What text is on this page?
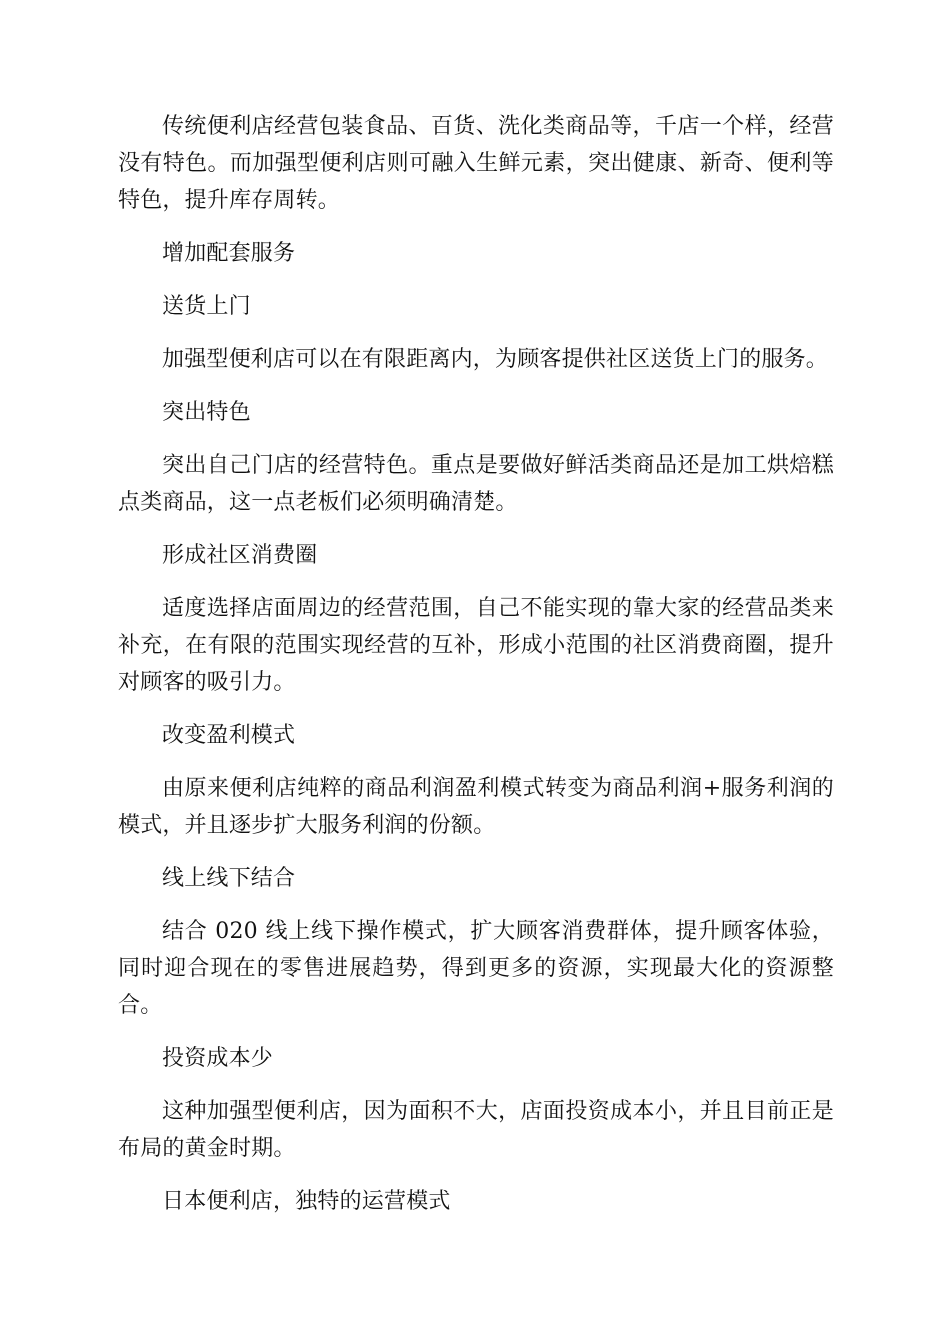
传统便利店经营包装食品、百货、洗化类商品等，千店一个样，经营没有特色。而加强型便利店则可融入生鲜元素，突出健康、新奇、便利等特色，提升库存周转。

增加配套服务

送货上门

加强型便利店可以在有限距离内，为顾客提供社区送货上门的服务。

突出特色

突出自己门店的经营特色。重点是要做好鲜活类商品还是加工烘焙糕点类商品，这一点老板们必须明确清楚。

形成社区消费圈

适度选择店面周边的经营范围，自己不能实现的靠大家的经营品类来补充，在有限的范围实现经营的互补，形成小范围的社区消费商圈，提升对顾客的吸引力。

改变盈利模式

由原来便利店纯粹的商品利润盈利模式转变为商品利润+服务利润的模式，并且逐步扩大服务利润的份额。

线上线下结合

结合 020 线上线下操作模式，扩大顾客消费群体，提升顾客体验，同时迎合现在的零售进展趋势，得到更多的资源，实现最大化的资源整合。

投资成本少

这种加强型便利店，因为面积不大，店面投资成本小，并且目前正是布局的黄金时期。

日本便利店，独特的运营模式
